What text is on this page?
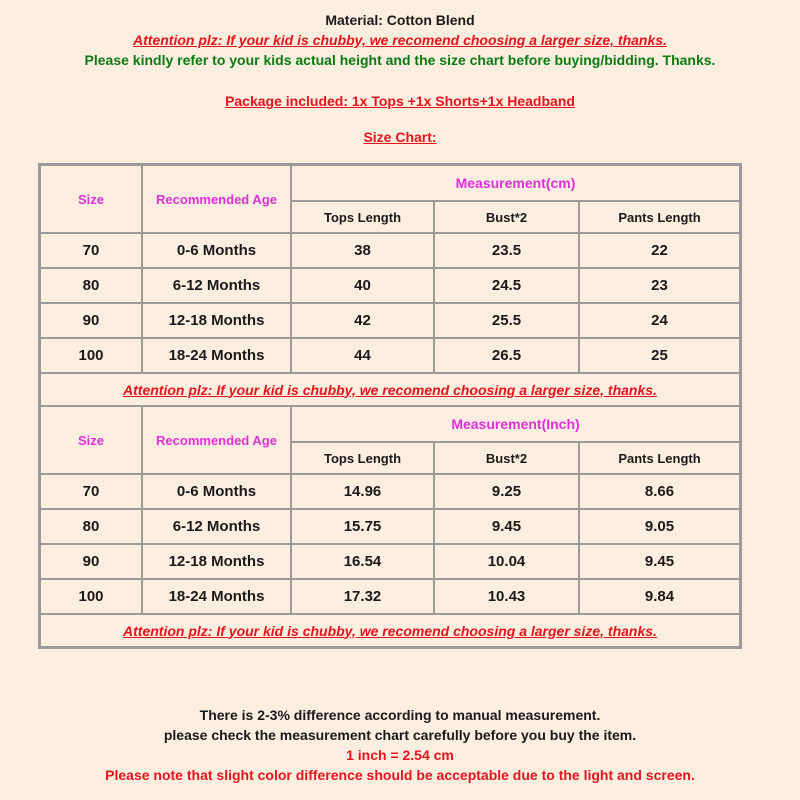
Material: Cotton Blend
Attention plz: If your kid is chubby, we recomend choosing a larger size, thanks.
Please kindly refer to your kids actual height and the size chart before buying/bidding. Thanks.
Package included: 1x Tops +1x Shorts+1x Headband
Size Chart:
Size	Recommended Age	Measurement(cm)		
		Tops Length	Bust*2	Pants Length
70	0-6 Months	38	23.5	22
80	6-12 Months	40	24.5	23
90	12-18 Months	42	25.5	24
100	18-24 Months	44	26.5	25
Attention plz: If your kid is chubby, we recomend choosing a larger size, thanks.				
Size	Recommended Age	Measurement(Inch)		
		Tops Length	Bust*2	Pants Length
70	0-6 Months	14.96	9.25	8.66
80	6-12 Months	15.75	9.45	9.05
90	12-18 Months	16.54	10.04	9.45
100	18-24 Months	17.32	10.43	9.84
Attention plz: If your kid is chubby, we recomend choosing a larger size, thanks.				
There is 2-3% difference according to manual measurement.
please check the measurement chart carefully before you buy the item.
1 inch = 2.54 cm
Please note that slight color difference should be acceptable due to the light and screen.
